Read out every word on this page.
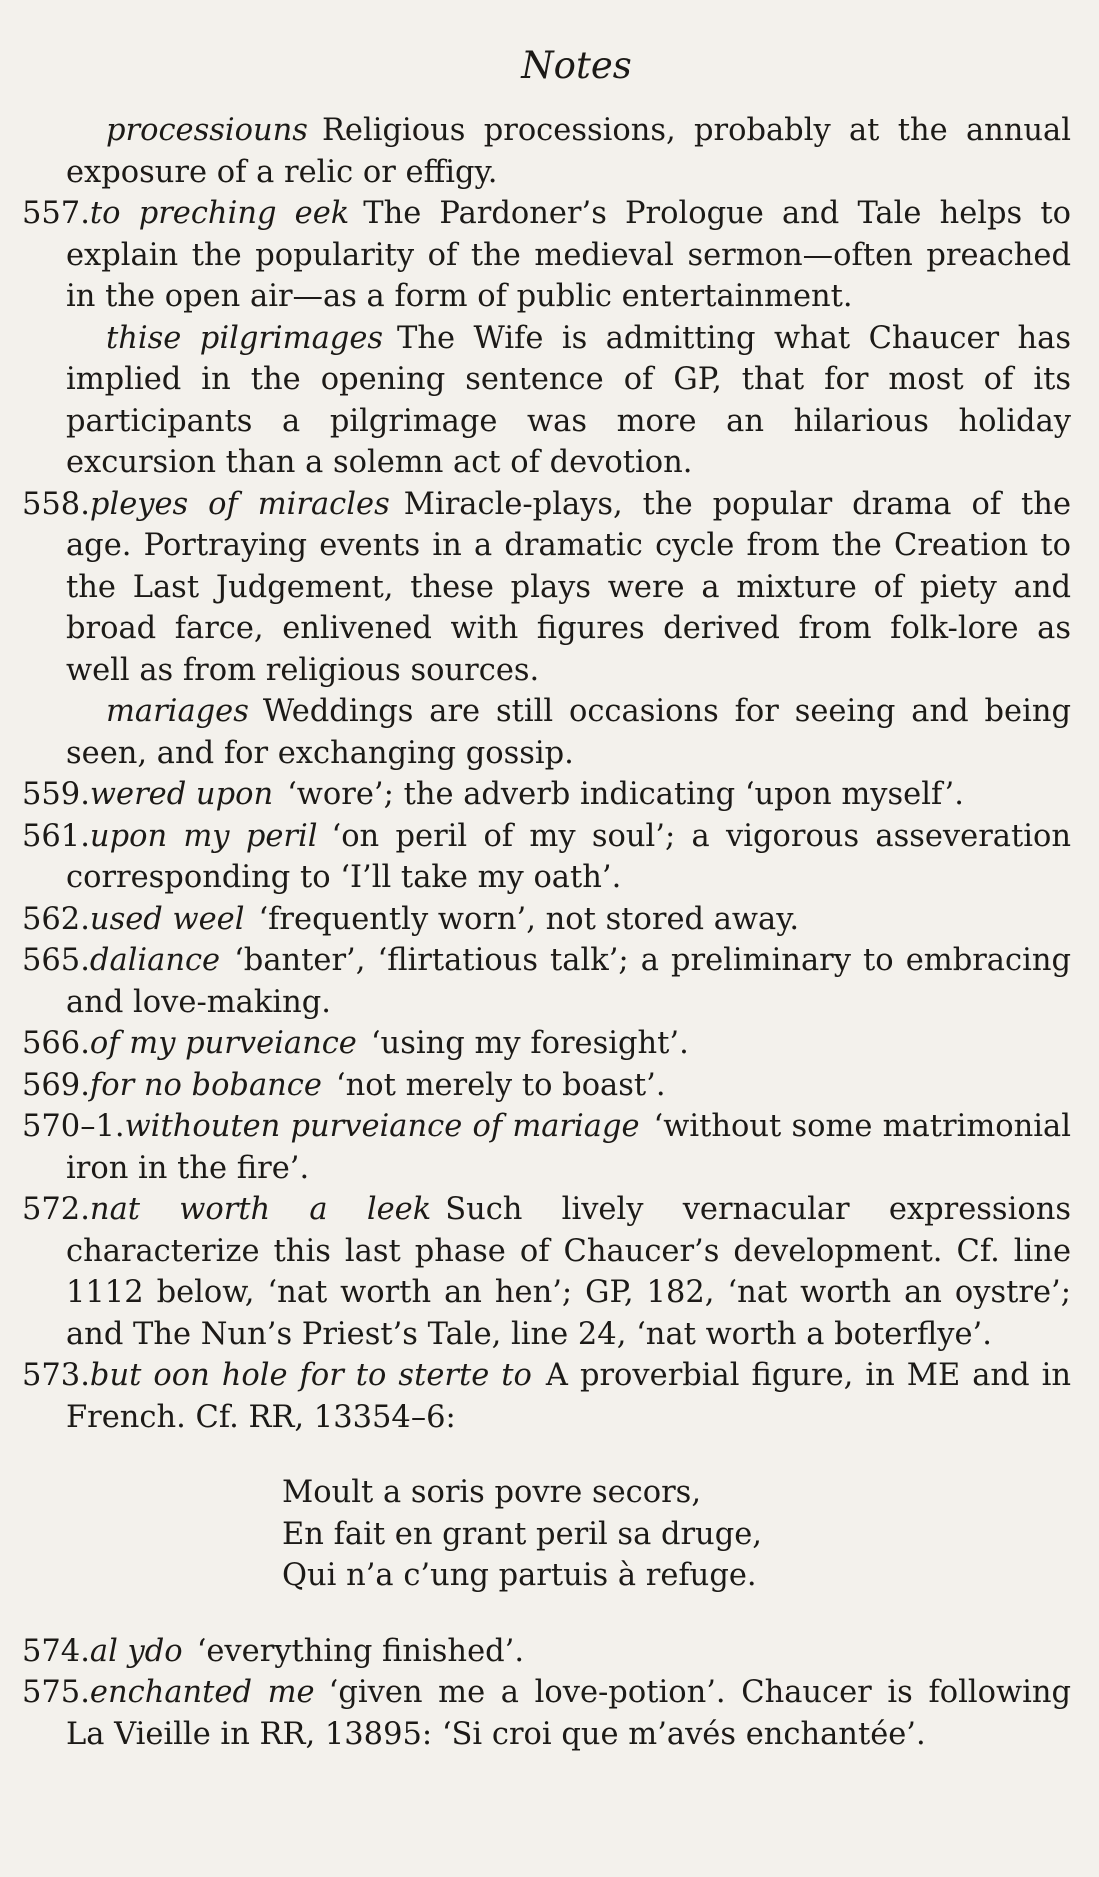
Notes

processiouns Religious processions, probably at the annual exposure of a relic or effigy.

557.to preching eek The Pardoner’s Prologue and Tale helps to explain the popularity of the medieval sermon—often preached in the open air—as a form of public entertainment.

thise pilgrimages The Wife is admitting what Chaucer has implied in the opening sentence of GP, that for most of its participants a pilgrimage was more an hilarious holiday excursion than a solemn act of devotion.

558.pleyes of miracles Miracle-plays, the popular drama of the age. Portraying events in a dramatic cycle from the Creation to the Last Judgement, these plays were a mixture of piety and broad farce, enlivened with figures derived from folk-lore as well as from religious sources.

mariages Weddings are still occasions for seeing and being seen, and for exchanging gossip.

559.wered upon ‘wore’; the adverb indicating ‘upon myself’.

561.upon my peril ‘on peril of my soul’; a vigorous asseveration corresponding to ‘I’ll take my oath’.

562.used weel ‘frequently worn’, not stored away.

565.daliance ‘banter’, ‘flirtatious talk’; a preliminary to embracing and love-making.

566.of my purveiance ‘using my foresight’.

569.for no bobance ‘not merely to boast’.

570–1.withouten purveiance of mariage ‘without some matrimonial iron in the fire’.

572.nat worth a leek Such lively vernacular expressions characterize this last phase of Chaucer’s development. Cf. line 1112 below, ‘nat worth an hen’; GP, 182, ‘nat worth an oystre’; and The Nun’s Priest’s Tale, line 24, ‘nat worth a boterflye’.

573.but oon hole for to sterte to A proverbial figure, in ME and in French. Cf. RR, 13354–6:

Moult a soris povre secors,
En fait en grant peril sa druge,
Qui n’a c’ung partuis à refuge.

574.al ydo ‘everything finished’.

575.enchanted me ‘given me a love-potion’. Chaucer is following La Vieille in RR, 13895: ‘Si croi que m’avés enchantée’.
